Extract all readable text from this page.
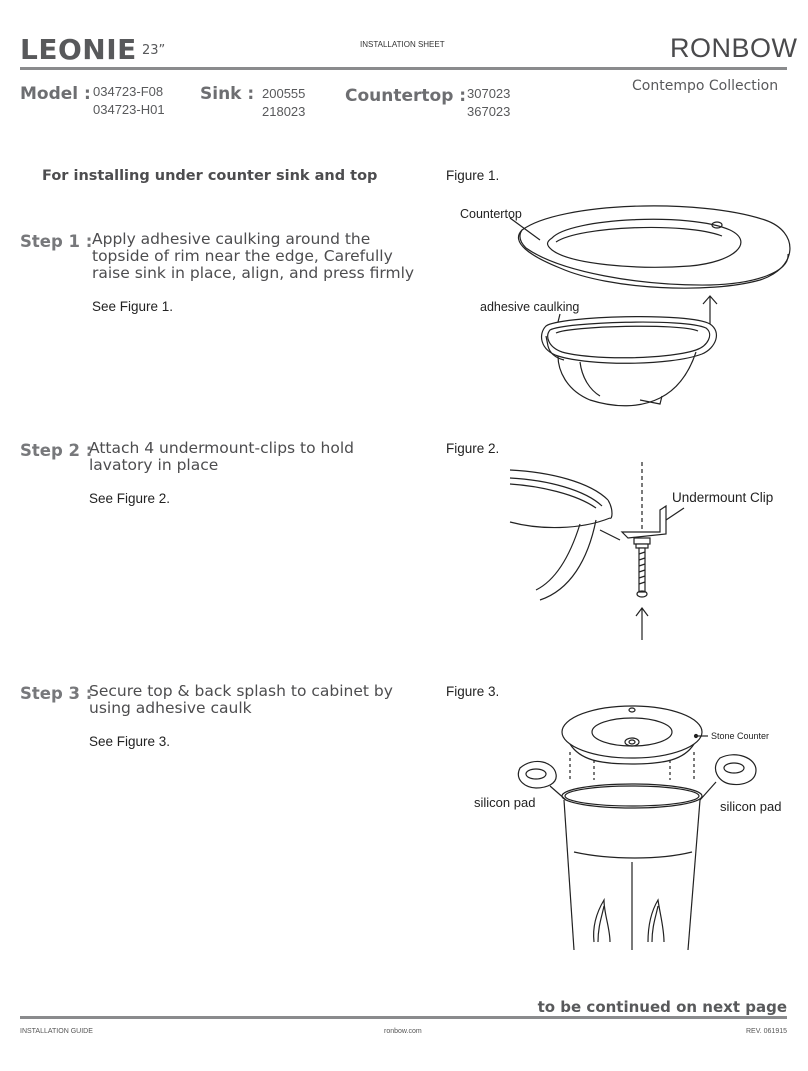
LEONIE 23”	INSTALLATION SHEET	RONBOW
Model : 034723-F08
034723-H01
Sink : 200555
218023
Countertop : 307023
367023
Contempo Collection
For installing under counter sink and top
Step 1 : Apply adhesive caulking around the topside of rim near the edge, Carefully raise sink in place, align, and press firmly
See Figure 1.
Step 2 :
Attach 4 undermount-clips to hold lavatory in place
See Figure 2.
Step 3 :
Secure top & back splash to cabinet by using adhesive caulk
See Figure 3.
Figure 1.
Figure 2.
Figure 3.
Countertop
adhesive caulking
Undermount Clip
Stone Counter
silicon pad	silicon pad
to be continued on next page
INSTALLATION GUIDE	ronbow.com	REV. 061915
